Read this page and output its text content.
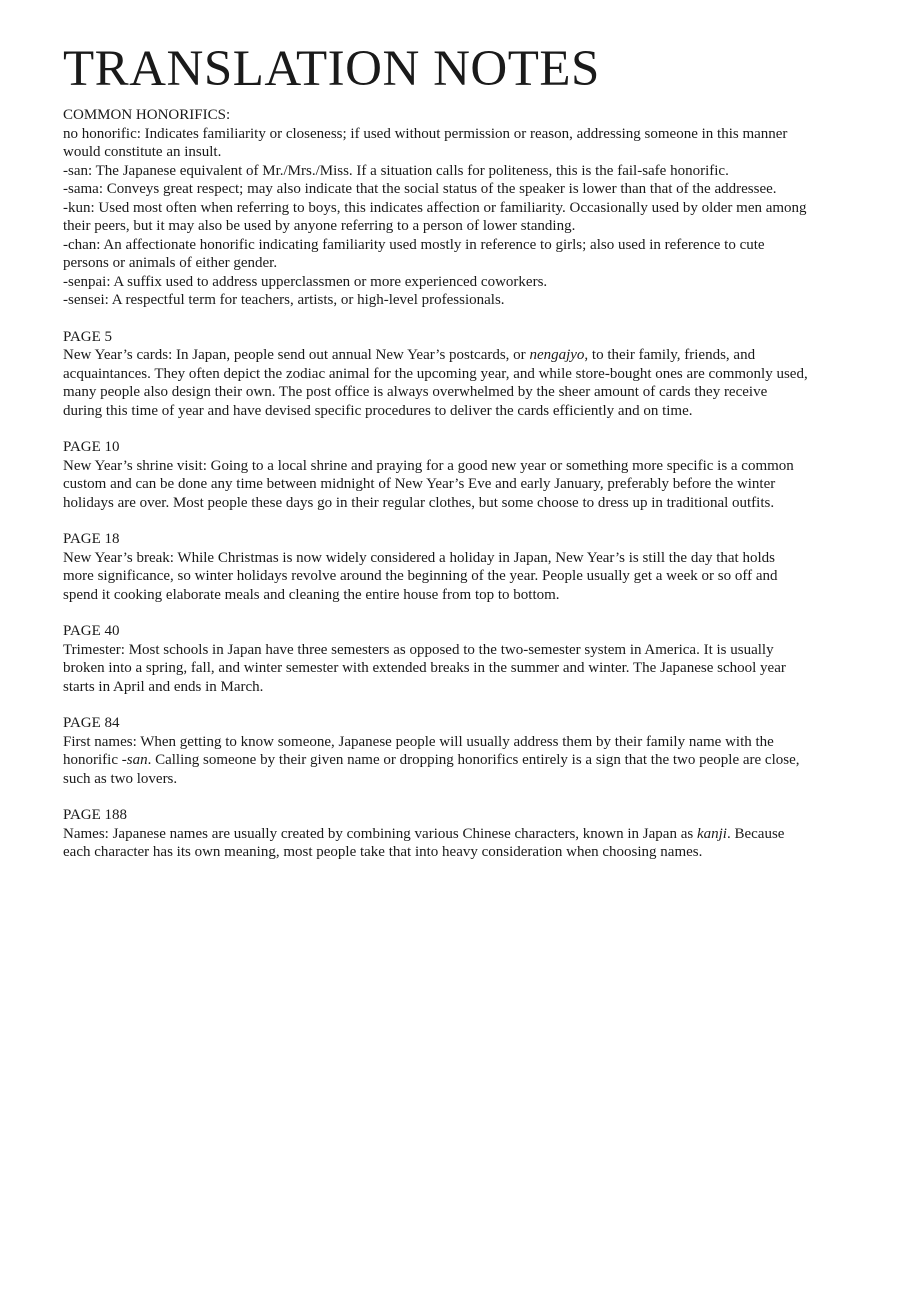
TRANSLATION NOTES
COMMON HONORIFICS:
no honorific: Indicates familiarity or closeness; if used without permission or reason, addressing someone in this manner would constitute an insult.
-san: The Japanese equivalent of Mr./Mrs./Miss. If a situation calls for politeness, this is the fail-safe honorific.
-sama: Conveys great respect; may also indicate that the social status of the speaker is lower than that of the addressee.
-kun: Used most often when referring to boys, this indicates affection or familiarity. Occasionally used by older men among their peers, but it may also be used by anyone referring to a person of lower standing.
-chan: An affectionate honorific indicating familiarity used mostly in reference to girls; also used in reference to cute persons or animals of either gender.
-senpai: A suffix used to address upperclassmen or more experienced coworkers.
-sensei: A respectful term for teachers, artists, or high-level professionals.
PAGE 5
New Year’s cards: In Japan, people send out annual New Year’s postcards, or nengajyo, to their family, friends, and acquaintances. They often depict the zodiac animal for the upcoming year, and while store-bought ones are commonly used, many people also design their own. The post office is always overwhelmed by the sheer amount of cards they receive during this time of year and have devised specific procedures to deliver the cards efficiently and on time.
PAGE 10
New Year’s shrine visit: Going to a local shrine and praying for a good new year or something more specific is a common custom and can be done any time between midnight of New Year’s Eve and early January, preferably before the winter holidays are over. Most people these days go in their regular clothes, but some choose to dress up in traditional outfits.
PAGE 18
New Year’s break: While Christmas is now widely considered a holiday in Japan, New Year’s is still the day that holds more significance, so winter holidays revolve around the beginning of the year. People usually get a week or so off and spend it cooking elaborate meals and cleaning the entire house from top to bottom.
PAGE 40
Trimester: Most schools in Japan have three semesters as opposed to the two-semester system in America. It is usually broken into a spring, fall, and winter semester with extended breaks in the summer and winter. The Japanese school year starts in April and ends in March.
PAGE 84
First names: When getting to know someone, Japanese people will usually address them by their family name with the honorific -san. Calling someone by their given name or dropping honorifics entirely is a sign that the two people are close, such as two lovers.
PAGE 188
Names: Japanese names are usually created by combining various Chinese characters, known in Japan as kanji. Because each character has its own meaning, most people take that into heavy consideration when choosing names.
